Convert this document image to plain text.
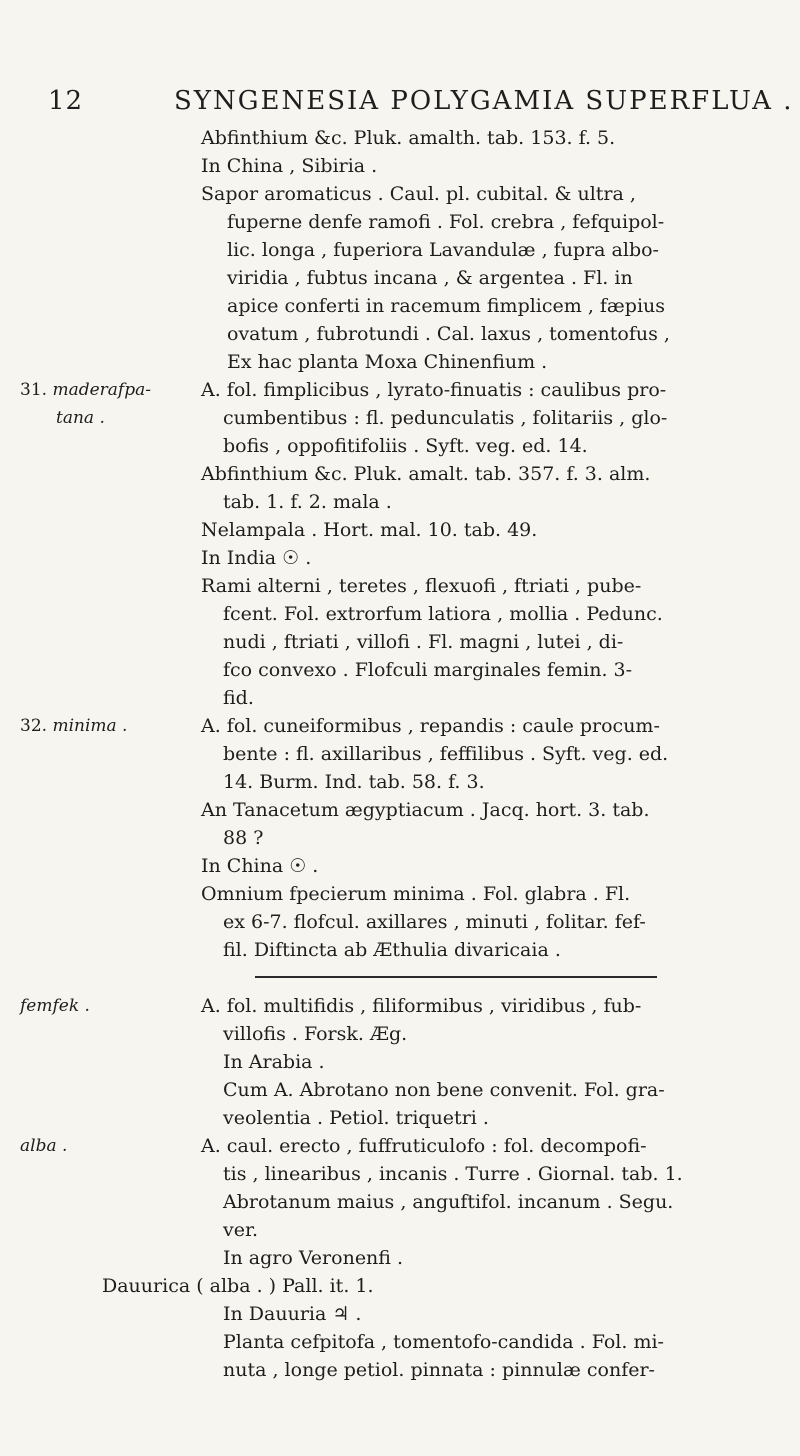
12	SYNGENESIA POLYGAMIA SUPERFLUA .
Abfinthium &c. Pluk. amalth. tab. 153. f. 5.
In China , Sibiria .
Sapor aromaticus . Caul. pl. cubital. & ultra ,
fuperne denfe ramofi . Fol. crebra , fefquipol-
lic. longa , fuperiora Lavandulæ , fupra albo-
viridia , fubtus incana , & argentea . Fl. in
apice conferti in racemum fimplicem , fæpius
ovatum , fubrotundi . Cal. laxus , tomentofus ,
Ex hac planta Moxa Chinenfium .
31. maderafpa-
tana .
A. fol. fimplicibus , lyrato-finuatis : caulibus pro-
cumbentibus : fl. pedunculatis , folitariis , glo-
bofis , oppofitifoliis . Syft. veg. ed. 14.
Abfinthium &c. Pluk. amalt. tab. 357. f. 3. alm.
tab. 1. f. 2. mala .
Nelampala . Hort. mal. 10. tab. 49.
In India ☉ .
Rami alterni , teretes , flexuofi , ftriati , pube-
fcent. Fol. extrorfum latiora , mollia . Pedunc.
nudi , ftriati , villofi . Fl. magni , lutei , di-
fco convexo . Flofculi marginales femin. 3-
fid.
32. minima .	A. fol. cuneiformibus , repandis : caule procum-
bente : fl. axillaribus , feffilibus . Syft. veg. ed.
14. Burm. Ind. tab. 58. f. 3.
An Tanacetum ægyptiacum . Jacq. hort. 3. tab.
88 ?
In China ☉ .
Omnium fpecierum minima . Fol. glabra . Fl.
ex 6-7. flofcul. axillares , minuti , folitar. fef-
fil. Diftincta ab Æthulia divaricaia .
femfek .	A. fol. multifidis , filiformibus , viridibus , fub-
villofis . Forsk. Æg.
In Arabia .
Cum A. Abrotano non bene convenit. Fol. gra-
veolentia . Petiol. triquetri .
alba .	A. caul. erecto , fuffruticulofo : fol. decompofi-
tis , linearibus , incanis . Turre . Giornal. tab. 1.
Abrotanum maius , anguftifol. incanum . Segu.
ver.
In agro Veronenfi .
Dauurica ( alba . ) Pall. it. 1.
In Dauuria ♃ .
Planta cefpitofa , tomentofo-candida . Fol. mi-
nuta , longe petiol. pinnata : pinnulæ confer-
